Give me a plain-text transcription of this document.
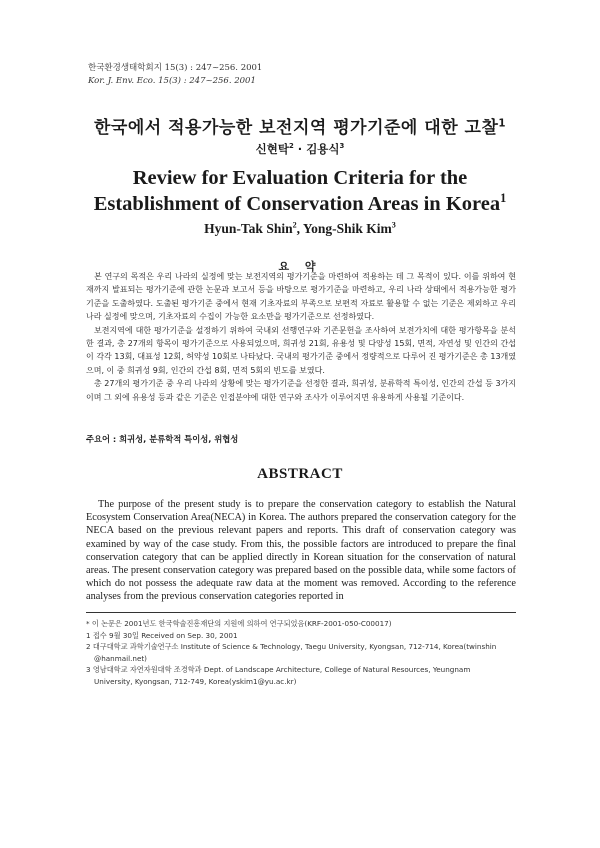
한국환경생태학회지 15(3) : 247~256. 2001
Kor. J. Env. Eco. 15(3) : 247~256. 2001
한국에서 적용가능한 보전지역 평가기준에 대한 고찰$^1$
신현탁$^2$ · 김용식$^3$
Review for Evaluation Criteria for the
Establishment of Conservation Areas in Korea$^1$
Hyun-Tak Shin$^2$, Yong-Shik Kim$^3$
요 약

본 연구의 목적은 우리 나라의 실정에 맞는 보전지역의 평가기준을 마련하여 적용하는 데 그 목적이 있다. 이를 위하여 현재까지 발표되는 평가기준에 관한 논문과 보고서 등을 바탕으로 평가기준을 마련하고, 우리 나라 상태에서 적용가능한 평가기준을 도출하였다. 도출된 평가기준 중에서 현재 기초자료의 부족으로 보편적 자료로 활용할 수 없는 기준은 제외하고 우리 나라 실정에 맞으며, 기초자료의 수집이 가능한 요소만을 평가기준으로 선정하였다.

보전지역에 대한 평가기준을 설정하기 위하여 국내외 선행연구와 기존문헌을 조사하여 보전가치에 대한 평가항목을 분석한 결과, 총 27개의 항목이 평가기준으로 사용되었으며, 희귀성 21회, 유용성 및 다양성 15회, 면적, 자연성 및 인간의 간섭이 각각 13회, 대표성 12회, 허약성 10회로 나타났다. 국내의 평가기준 중에서 정량적으로 다루어 진 평가기준은 총 13개였으며, 이 중 희귀성 9회, 인간의 간섭 8회, 면적 5회의 빈도를 보였다.

총 27개의 평가기준 중 우리 나라의 상황에 맞는 평가기준을 선정한 결과, 희귀성, 분류학적 특이성, 인간의 간섭 등 3가지이며 그 외에 유용성 등과 같은 기준은 인접분야에 대한 연구와 조사가 이루어지면 유용하게 사용될 기준이다.

주요어 : 희귀성, 분류학적 특이성, 위협성
ABSTRACT

The purpose of the present study is to prepare the conservation category to establish the Natural Ecosystem Conservation Area(NECA) in Korea. The authors prepared the conservation category for the NECA based on the previous relevant papers and reports. This draft of conservation category was examined by way of the case study. From this, the possible factors are introduced to prepare the final conservation category that can be applied directly in Korean situation for the conservation of natural areas. The present conservation category was prepared based on the possible data, while some factors of which do not possess the adequate raw data at the moment was removed. According to the reference analyses from the previous conservation categories reported in

* 이 논문은 2001년도 한국학술진흥재단의 지원에 의하여 연구되었음(KRF-2001-050-C00017)
1 접수 9월 30일 Received on Sep. 30, 2001
2 대구대학교 과학기술연구소 Institute of Science & Technology, Taegu University, Kyongsan, 712-714, Korea(twinshin
@hanmail.net)
3 영남대학교 자연자원대학 조경학과 Dept. of Landscape Architecture, College of Natural Resources, Yeungnam
University, Kyongsan, 712-749, Korea(yskim1@yu.ac.kr)
